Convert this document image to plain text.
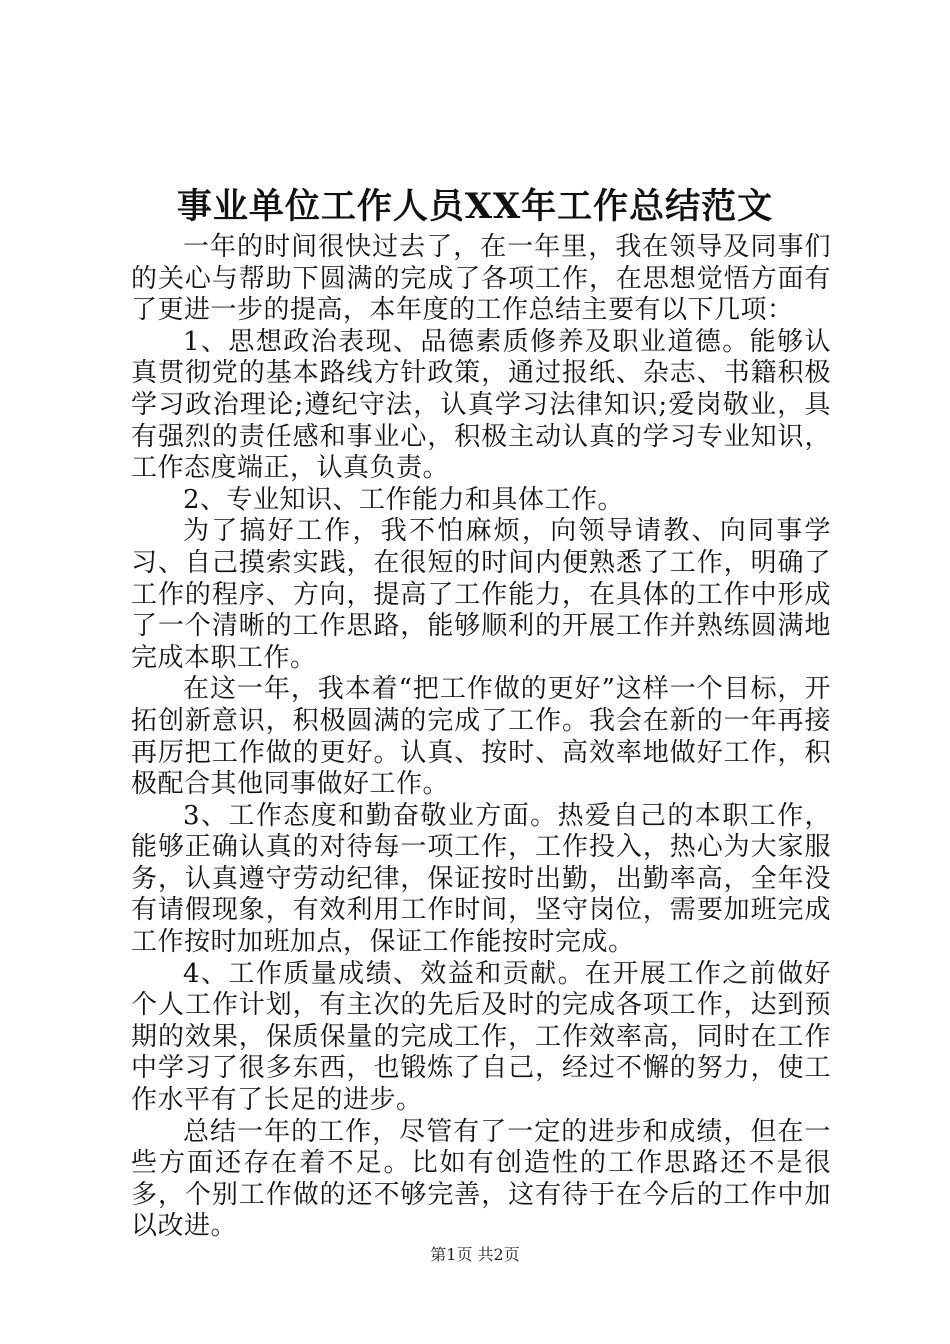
事业单位工作人员XX年工作总结范文

一年的时间很快过去了，在一年里，我在领导及同事们的关心与帮助下圆满的完成了各项工作，在思想觉悟方面有了更进一步的提高，本年度的工作总结主要有以下几项：

1、思想政治表现、品德素质修养及职业道德。能够认真贯彻党的基本路线方针政策，通过报纸、杂志、书籍积极学习政治理论;遵纪守法，认真学习法律知识;爱岗敬业，具有强烈的责任感和事业心，积极主动认真的学习专业知识，工作态度端正，认真负责。

2、专业知识、工作能力和具体工作。

为了搞好工作，我不怕麻烦，向领导请教、向同事学习、自己摸索实践，在很短的时间内便熟悉了工作，明确了工作的程序、方向，提高了工作能力，在具体的工作中形成了一个清晰的工作思路，能够顺利的开展工作并熟练圆满地完成本职工作。

在这一年，我本着“把工作做的更好”这样一个目标，开拓创新意识，积极圆满的完成了工作。我会在新的一年再接再厉把工作做的更好。认真、按时、高效率地做好工作，积极配合其他同事做好工作。

3、工作态度和勤奋敬业方面。热爱自己的本职工作，能够正确认真的对待每一项工作，工作投入，热心为大家服务，认真遵守劳动纪律，保证按时出勤，出勤率高，全年没有请假现象，有效利用工作时间，坚守岗位，需要加班完成工作按时加班加点，保证工作能按时完成。

4、工作质量成绩、效益和贡献。在开展工作之前做好个人工作计划，有主次的先后及时的完成各项工作，达到预期的效果，保质保量的完成工作，工作效率高，同时在工作中学习了很多东西，也锻炼了自己，经过不懈的努力，使工作水平有了长足的进步。

总结一年的工作，尽管有了一定的进步和成绩，但在一些方面还存在着不足。比如有创造性的工作思路还不是很多，个别工作做的还不够完善，这有待于在今后的工作中加以改进。

第1页 共2页
